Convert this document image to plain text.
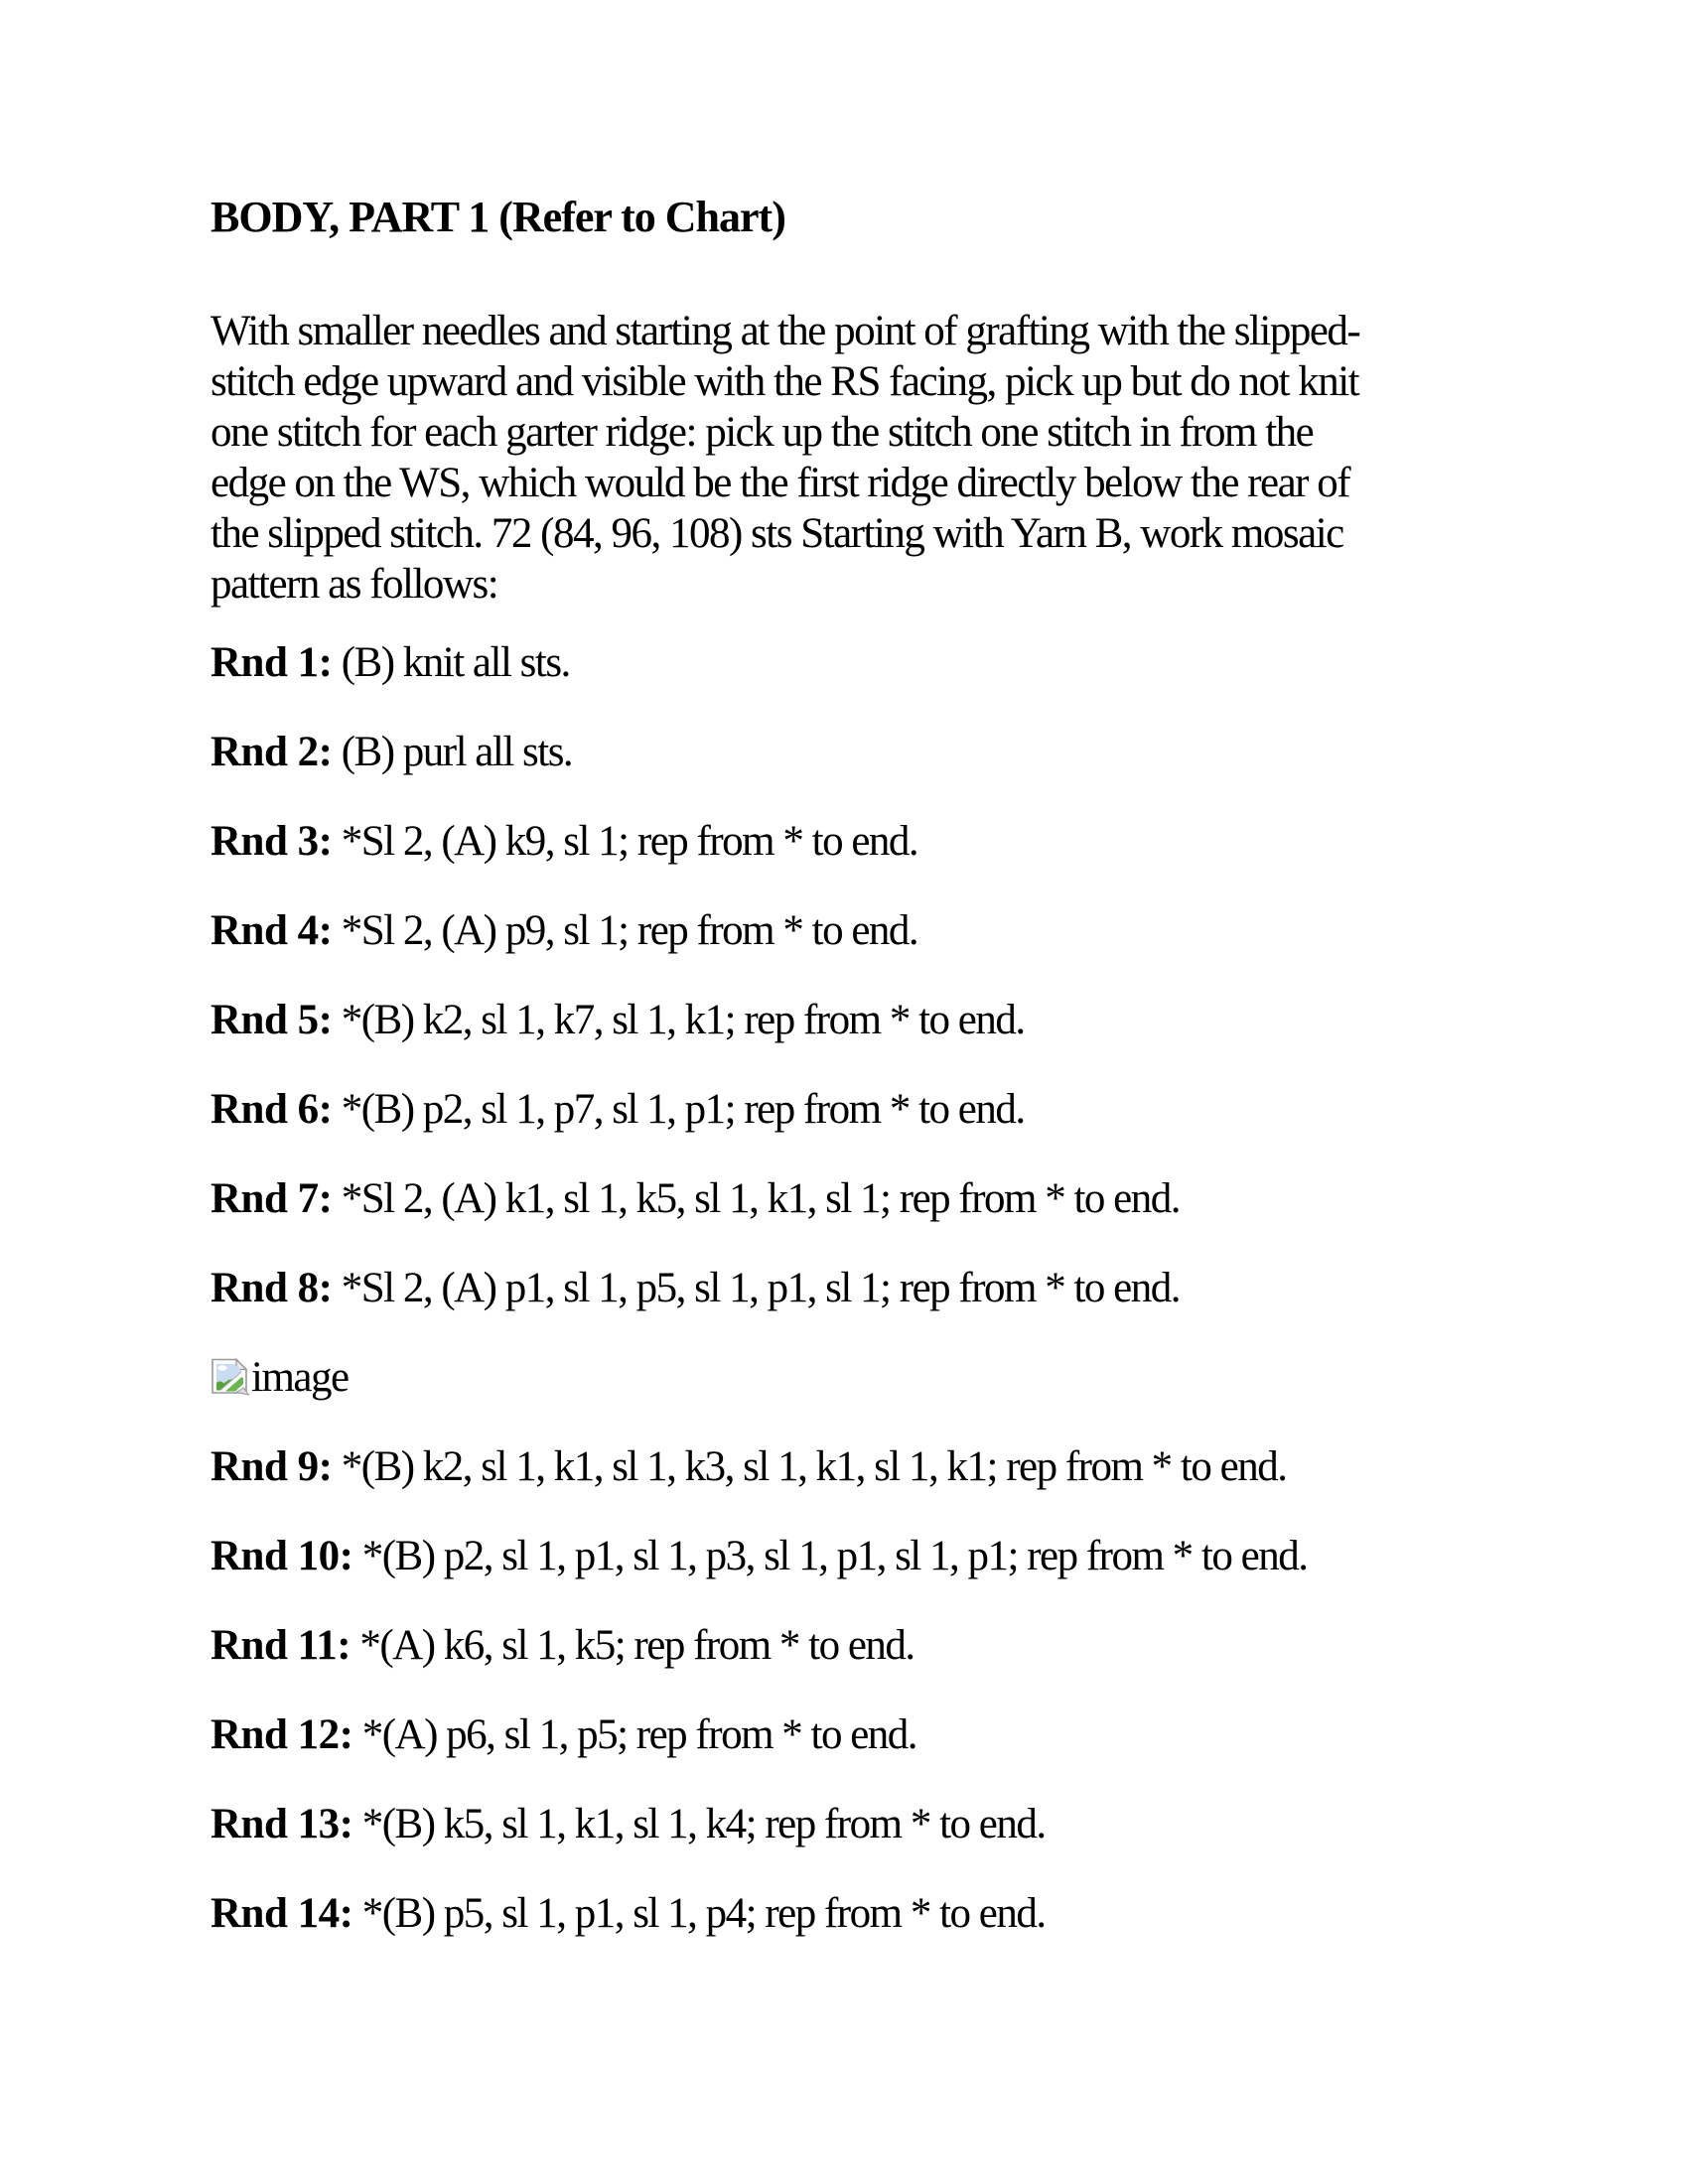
BODY, PART 1 (Refer to Chart)
With smaller needles and starting at the point of grafting with the slipped-
stitch edge upward and visible with the RS facing, pick up but do not knit
one stitch for each garter ridge: pick up the stitch one stitch in from the
edge on the WS, which would be the first ridge directly below the rear of
the slipped stitch. 72 (84, 96, 108) sts Starting with Yarn B, work mosaic
pattern as follows:

Rnd 1: (B) knit all sts.

Rnd 2: (B) purl all sts.

Rnd 3: *Sl 2, (A) k9, sl 1; rep from * to end.

Rnd 4: *Sl 2, (A) p9, sl 1; rep from * to end.

Rnd 5: *(B) k2, sl 1, k7, sl 1, k1; rep from * to end.

Rnd 6: *(B) p2, sl 1, p7, sl 1, p1; rep from * to end.

Rnd 7: *Sl 2, (A) k1, sl 1, k5, sl 1, k1, sl 1; rep from * to end.

Rnd 8: *Sl 2, (A) p1, sl 1, p5, sl 1, p1, sl 1; rep from * to end.

image

Rnd 9: *(B) k2, sl 1, k1, sl 1, k3, sl 1, k1, sl 1, k1; rep from * to end.

Rnd 10: *(B) p2, sl 1, p1, sl 1, p3, sl 1, p1, sl 1, p1; rep from * to end.

Rnd 11: *(A) k6, sl 1, k5; rep from * to end.

Rnd 12: *(A) p6, sl 1, p5; rep from * to end.

Rnd 13: *(B) k5, sl 1, k1, sl 1, k4; rep from * to end.

Rnd 14: *(B) p5, sl 1, p1, sl 1, p4; rep from * to end.
